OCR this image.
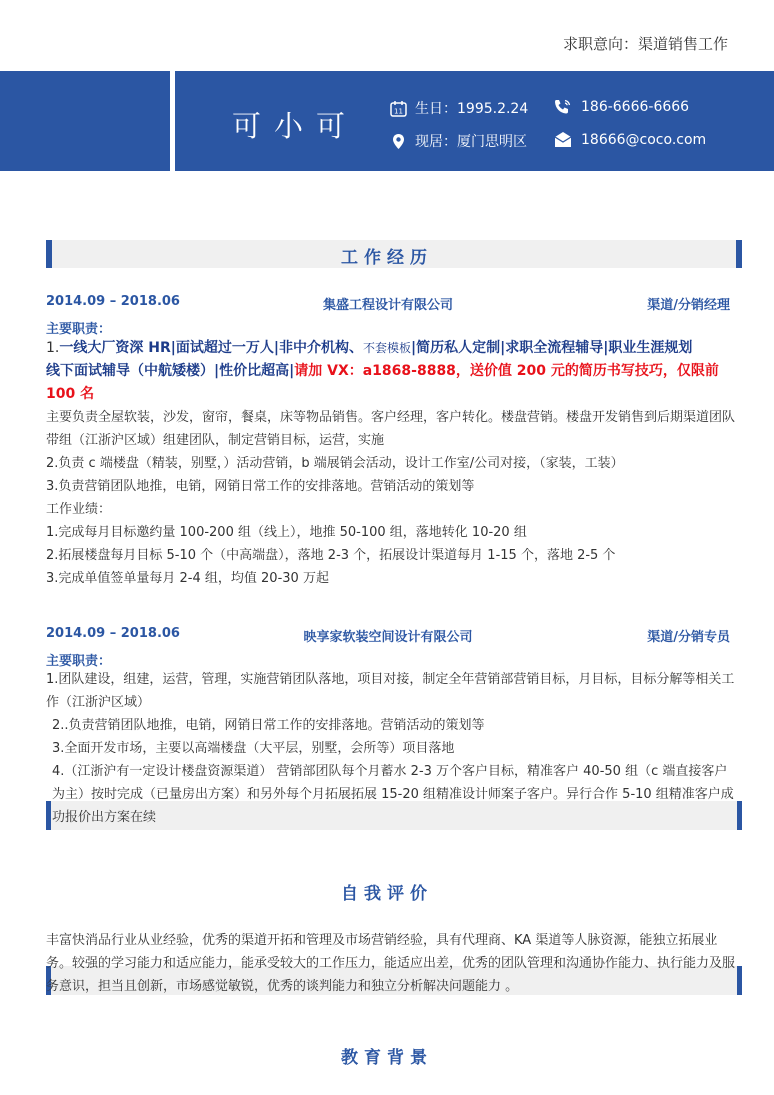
求职意向：渠道销售工作
可小可	11 生日：1995.2.24
现居：厦门思明区
186-6666-6666
18666@coco.com
工作经历
2014.09 – 2018.06	集盛工程设计有限公司	渠道/分销经理
主要职责：

1.一线大厂资深 HR|面试超过一万人|非中介机构、不套模板|简历私人定制|求职全流程辅导|职业生涯规划

线下面试辅导（中航矮楼）|性价比超高|请加 VX：a1868-8888，送价值 200 元的简历书写技巧，仅限前 100 名

主要负责全屋软装，沙发，窗帘，餐桌，床等物品销售。客户经理，客户转化。楼盘营销。楼盘开发销售到后期渠道团队带组（江浙沪区域）组建团队，制定营销目标，运营，实施

2.负责 c 端楼盘（精装，别墅，）活动营销，b 端展销会活动，设计工作室/公司对接，（家装，工装）

3.负责营销团队地推，电销，网销日常工作的安排落地。营销活动的策划等

工作业绩：

1.完成每月目标邀约量 100-200 组（线上），地推 50-100 组，落地转化 10-20 组

2.拓展楼盘每月目标 5-10 个（中高端盘），落地 2-3 个，拓展设计渠道每月 1-15 个，落地 2-5 个

3.完成单值签单量每月 2-4 组，均值 20-30 万起

2014.09 – 2018.06	映享家软装空间设计有限公司	渠道/分销专员
主要职责：

1.团队建设，组建，运营，管理，实施营销团队落地，项目对接，制定全年营销部营销目标，月目标，目标分解等相关工作（江浙沪区域）

2..负责营销团队地推，电销，网销日常工作的安排落地。营销活动的策划等

3.全面开发市场，主要以高端楼盘（大平层，别墅，会所等）项目落地

4.（江浙沪有一定设计楼盘资源渠道） 营销部团队每个月蓄水 2-3 万个客户目标，精准客户 40-50 组（c 端直接客户为主）按时完成（已量房出方案）和另外每个月拓展拓展 15-20 组精准设计师案子客户。异行合作 5-10 组精准客户成功报价出方案在续

自我评价

丰富快消品行业从业经验，优秀的渠道开拓和管理及市场营销经验，具有代理商、KA 渠道等人脉资源，能独立拓展业务。较强的学习能力和适应能力，能承受较大的工作压力，能适应出差，优秀的团队管理和沟通协作能力、执行能力及服务意识，担当且创新，市场感觉敏锐，优秀的谈判能力和独立分析解决问题能力 。

教育背景
